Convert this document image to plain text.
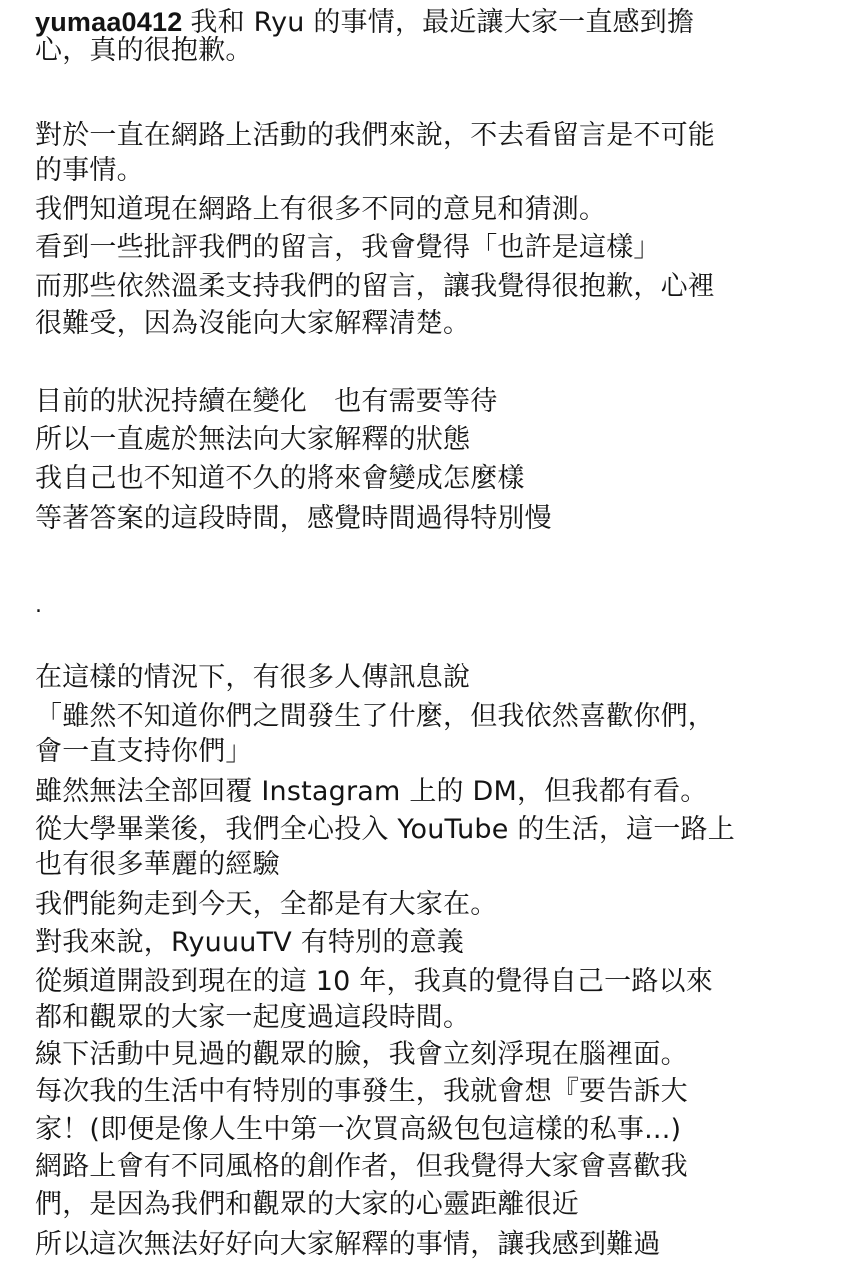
yumaa0412 我和 Ryu 的事情，最近讓大家一直感到擔
心，真的很抱歉。
對於一直在網路上活動的我們來說，不去看留言是不可能
的事情。
我們知道現在網路上有很多不同的意見和猜測。
看到一些批評我們的留言，我會覺得「也許是這樣」
而那些依然溫柔支持我們的留言，讓我覺得很抱歉，心裡
很難受，因為沒能向大家解釋清楚。
目前的狀況持續在變化　也有需要等待
所以一直處於無法向大家解釋的狀態
我自己也不知道不久的將來會變成怎麼樣
等著答案的這段時間，感覺時間過得特別慢
.
在這樣的情況下，有很多人傳訊息說
「雖然不知道你們之間發生了什麼，但我依然喜歡你們，
會一直支持你們」
雖然無法全部回覆 Instagram 上的 DM，但我都有看。
從大學畢業後，我們全心投入 YouTube 的生活，這一路上
也有很多華麗的經驗
我們能夠走到今天，全都是有大家在。
對我來說，RyuuuTV 有特別的意義
從頻道開設到現在的這 10 年，我真的覺得自己一路以來
都和觀眾的大家一起度過這段時間。
線下活動中見過的觀眾的臉，我會立刻浮現在腦裡面。
每次我的生活中有特別的事發生，我就會想『要告訴大
家！(即便是像人生中第一次買高級包包這樣的私事...)
網路上會有不同風格的創作者，但我覺得大家會喜歡我
們，是因為我們和觀眾的大家的心靈距離很近
所以這次無法好好向大家解釋的事情，讓我感到難過
